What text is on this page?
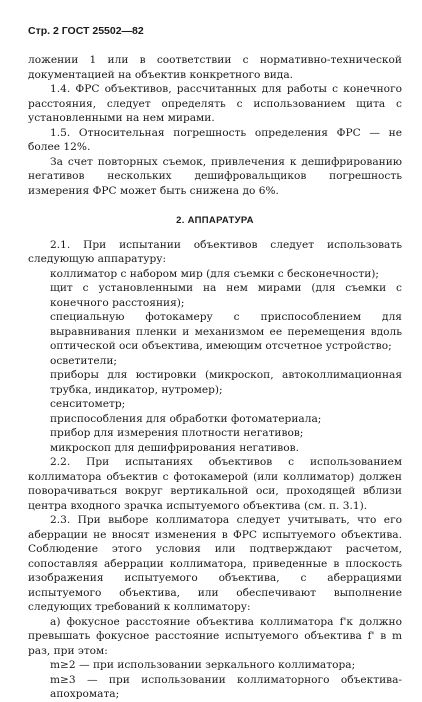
Стр. 2 ГОСТ 25502—82

ложении 1 или в соответствии с нормативно-технической документацией на объектив конкретного вида.

1.4. ФРС объективов, рассчитанных для работы с конечного расстояния, следует определять с использованием щита с установленными на нем мирами.

1.5. Относительная погрешность определения ФРС — не более 12%.

За счет повторных съемок, привлечения к дешифрированию негативов нескольких дешифровальщиков погрешность измерения ФРС может быть снижена до 6%.

2. АППАРАТУРА

2.1. При испытании объективов следует использовать следующую аппаратуру:

коллиматор с набором мир (для съемки с бесконечности);

щит с установленными на нем мирами (для съемки с конечного расстояния);

специальную фотокамеру с приспособлением для выравнивания пленки и механизмом ее перемещения вдоль оптической оси объектива, имеющим отсчетное устройство;

осветители;

приборы для юстировки (микроскоп, автоколлимационная трубка, индикатор, нутромер);

сенситометр;

приспособления для обработки фотоматериала;

прибор для измерения плотности негативов;

микроскоп для дешифрирования негативов.

2.2. При испытаниях объективов с использованием коллиматора объектив с фотокамерой (или коллиматор) должен поворачиваться вокруг вертикальной оси, проходящей вблизи центра входного зрачка испытуемого объектива (см. п. 3.1).

2.3. При выборе коллиматора следует учитывать, что его аберрации не вносят изменения в ФРС испытуемого объектива. Соблюдение этого условия или подтверждают расчетом, сопоставляя аберрации коллиматора, приведенные в плоскость изображения испытуемого объектива, с аберрациями испытуемого объектива, или обеспечивают выполнение следующих требований к коллиматору:

а) фокусное расстояние объектива коллиматора f'к должно превышать фокусное расстояние испытуемого объектива f' в m раз, при этом:

m≥2 — при использовании зеркального коллиматора;

m≥3 — при использовании коллиматорного объектива-апохромата;
